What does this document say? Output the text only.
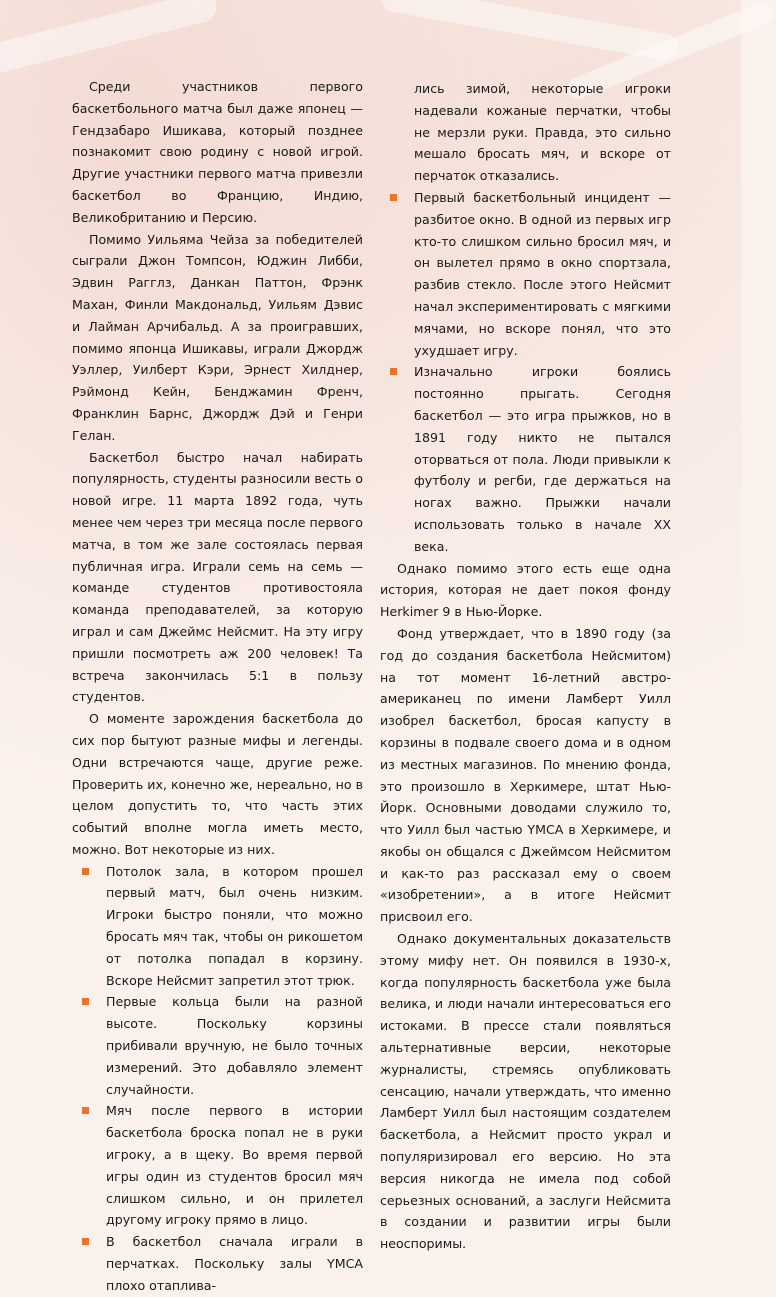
Среди участников первого баскетбольного матча был даже японец — Гендзабаро Ишикава, который позднее познакомит свою родину с новой игрой. Другие участники первого матча привезли баскетбол во Францию, Индию, Великобританию и Персию.

Помимо Уильяма Чейза за победителей сыграли Джон Томпсон, Юджин Либби, Эдвин Рагглз, Данкан Паттон, Фрэнк Махан, Финли Макдональд, Уильям Дэвис и Лайман Арчибальд. А за проигравших, помимо японца Ишикавы, играли Джордж Уэллер, Уилберт Кэри, Эрнест Хилднер, Рэймонд Кейн, Бенджамин Френч, Франклин Барнс, Джордж Дэй и Генри Гелан.

Баскетбол быстро начал набирать популярность, студенты разносили весть о новой игре. 11 марта 1892 года, чуть менее чем через три месяца после первого матча, в том же зале состоялась первая публичная игра. Играли семь на семь — команде студентов противостояла команда преподавателей, за которую играл и сам Джеймс Нейсмит. На эту игру пришли посмотреть аж 200 человек! Та встреча закончилась 5:1 в пользу студентов.

О моменте зарождения баскетбола до сих пор бытуют разные мифы и легенды. Одни встречаются чаще, другие реже. Проверить их, конечно же, нереально, но в целом допустить то, что часть этих событий вполне могла иметь место, можно. Вот некоторые из них.

Потолок зала, в котором прошел первый матч, был очень низким. Игроки быстро поняли, что можно бросать мяч так, чтобы он рикошетом от потолка попадал в корзину. Вскоре Нейсмит запретил этот трюк.
Первые кольца были на разной высоте. Поскольку корзины прибивали вручную, не было точных измерений. Это добавляло элемент случайности.
Мяч после первого в истории баскетбола броска попал не в руки игроку, а в щеку. Во время первой игры один из студентов бросил мяч слишком сильно, и он прилетел другому игроку прямо в лицо.
В баскетбол сначала играли в перчатках. Поскольку залы YMCA плохо отаплива-
лись зимой, некоторые игроки надевали кожаные перчатки, чтобы не мерзли руки. Правда, это сильно мешало бросать мяч, и вскоре от перчаток отказались.
Первый баскетбольный инцидент — разбитое окно. В одной из первых игр кто-то слишком сильно бросил мяч, и он вылетел прямо в окно спортзала, разбив стекло. После этого Нейсмит начал экспериментировать с мягкими мячами, но вскоре понял, что это ухудшает игру.
Изначально игроки боялись постоянно прыгать. Сегодня баскетбол — это игра прыжков, но в 1891 году никто не пытался оторваться от пола. Люди привыкли к футболу и регби, где держаться на ногах важно. Прыжки начали использовать только в начале XX века.

Однако помимо этого есть еще одна история, которая не дает покоя фонду Herkimer 9 в Нью-Йорке.

Фонд утверждает, что в 1890 году (за год до создания баскетбола Нейсмитом) на тот момент 16-летний австро-американец по имени Ламберт Уилл изобрел баскетбол, бросая капусту в корзины в подвале своего дома и в одном из местных магазинов. По мнению фонда, это произошло в Херкимере, штат Нью-Йорк. Основными доводами служило то, что Уилл был частью YMCA в Херкимере, и якобы он общался с Джеймсом Нейсмитом и как-то раз рассказал ему о своем «изобретении», а в итоге Нейсмит присвоил его.

Однако документальных доказательств этому мифу нет. Он появился в 1930-х, когда популярность баскетбола уже была велика, и люди начали интересоваться его истоками. В прессе стали появляться альтернативные версии, некоторые журналисты, стремясь опубликовать сенсацию, начали утверждать, что именно Ламберт Уилл был настоящим создателем баскетбола, а Нейсмит просто украл и популяризировал его версию. Но эта версия никогда не имела под собой серьезных оснований, а заслуги Нейсмита в создании и развитии игры были неоспоримы.
